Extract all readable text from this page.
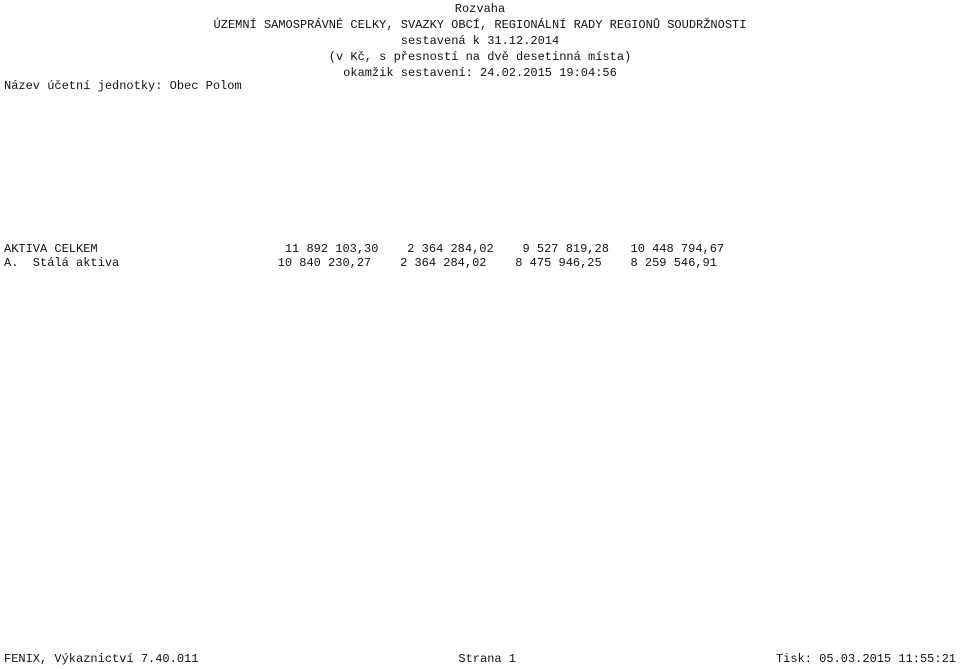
Rozvaha
ÚZEMNÍ SAMOSPRÁVNÉ CELKY, SVAZKY OBCÍ, REGIONÁLNÍ RADY REGIONŮ SOUDRŽNOSTI
sestavená k 31.12.2014
(v Kč, s přesností na dvě desetinná místa)
okamžik sestavení: 24.02.2015 19:04:56
Název účetní jednotky: Obec Polom
AKTIVA CELKEM                          11 892 103,30    2 364 284,02    9 527 819,28   10 448 794,67
A.  Stálá aktiva                      10 840 230,27    2 364 284,02    8 475 946,25    8 259 546,91
FENIX, Výkaznictví 7.40.011	Strana 1	Tisk: 05.03.2015 11:55:21
